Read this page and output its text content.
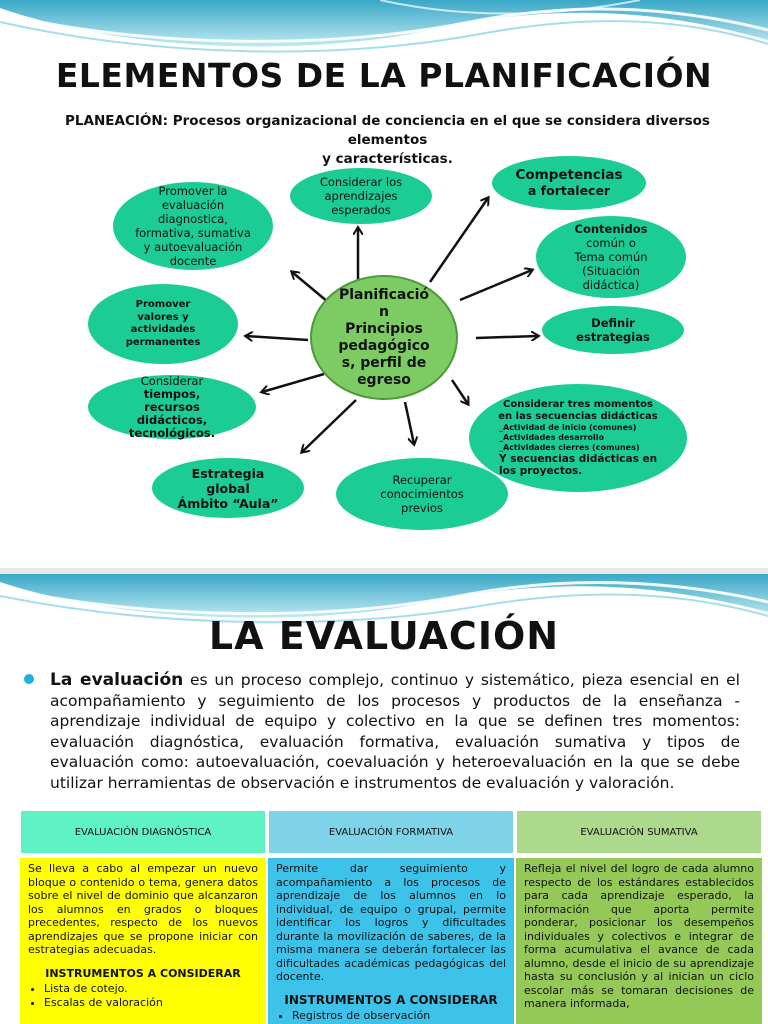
ELEMENTOS DE LA PLANIFICACIÓN
PLANEACIÓN: Procesos organizacional de conciencia en el que se considera diversos elementos
y características.
Planificació
n
Principios
pedagógico
s, perfil de
egreso
Promover la
evaluación
diagnostica,
formativa, sumativa
y autoevaluación
docente
Considerar los
aprendizajes
esperados
Competencias
a fortalecer
Contenidos
común o
Tema común
(Situación
didáctica)
Promover
valores y
actividades
permanentes
Definir
estrategias
Considerar
tiempos,
recursos
didácticos,
tecnológicos.
Considerar tres momentos
en las secuencias didácticas
_Actividad de inicio (comunes)
_Actividades desarrollo
_Actividades cierres (comunes)
Y secuencias didácticas en
los proyectos.
Estrategia
global
Ámbito “Aula”
Recuperar
conocimientos
previos
LA EVALUACIÓN

La evaluación es un proceso complejo, continuo y sistemático, pieza esencial en el acompañamiento y seguimiento de los procesos y productos de la enseñanza - aprendizaje individual de equipo y colectivo en la que se definen tres momentos: evaluación diagnóstica, evaluación formativa, evaluación sumativa y tipos de evaluación como: autoevaluación, coevaluación y heteroevaluación en la que se debe utilizar herramientas de observación e instrumentos de evaluación y valoración.

EVALUACIÓN DIAGNÓSTICA
Se lleva a cabo al empezar un nuevo bloque o contenido o tema, genera datos sobre el nivel de dominio que alcanzaron los alumnos en grados o bloques precedentes, respecto de los nuevos aprendizajes que se propone iniciar con estrategias adecuadas.
INSTRUMENTOS A CONSIDERAR
• Lista de cotejo.
• Escalas de valoración
EVALUACIÓN FORMATIVA
Permite dar seguimiento y acompañamiento a los procesos de aprendizaje de los alumnos en lo individual, de equipo o grupal, permite identificar los logros y dificultades durante la movilización de saberes, de la misma manera se deberán fortalecer las dificultades académicas pedagógicas del docente.
INSTRUMENTOS A CONSIDERAR
• Registros de observación
EVALUACIÓN SUMATIVA
Refleja el nivel del logro de cada alumno respecto de los estándares establecidos para cada aprendizaje esperado, la información que aporta permite ponderar, posicionar los desempeños individuales y colectivos e integrar de forma acumulativa el avance de cada alumno, desde el inicio de su aprendizaje hasta su conclusión y al inician un ciclo escolar más se tomaran decisiones de manera informada,
